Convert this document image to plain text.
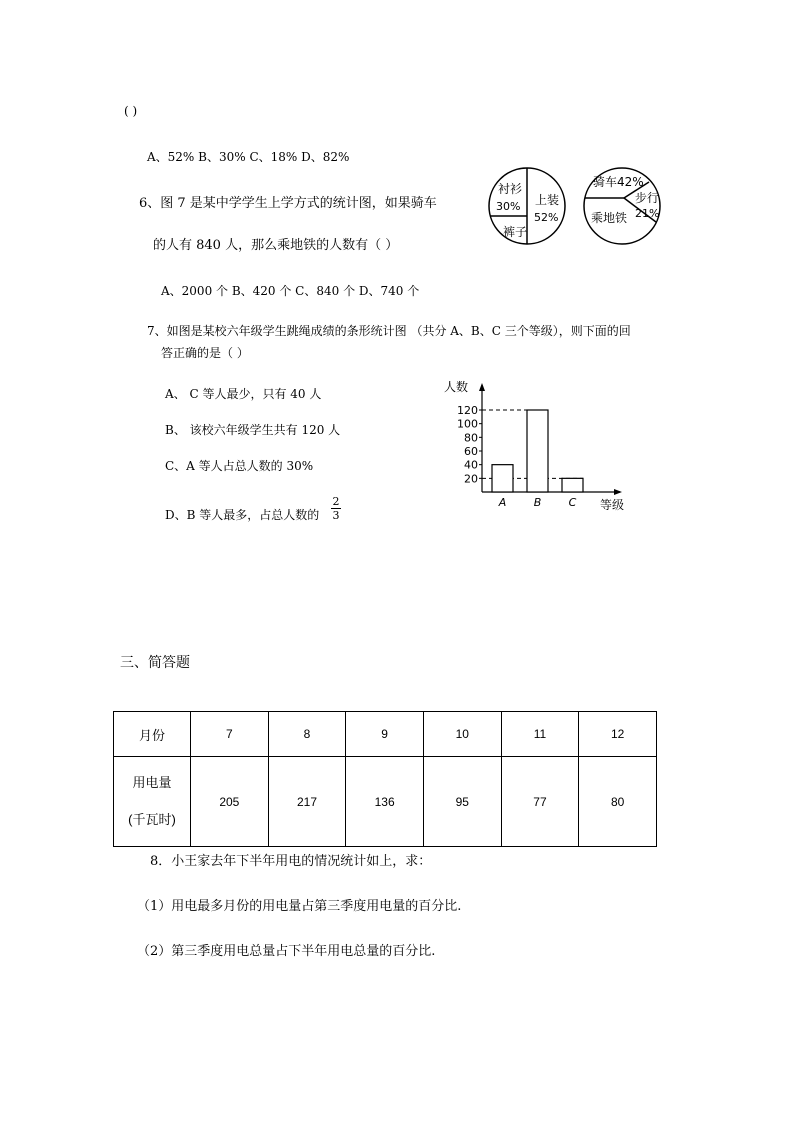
( )
A、52% B、30% C、18% D、82%
6、图 7 是某中学学生上学方式的统计图，如果骑车
的人有 840 人，那么乘地铁的人数有（ ）
A、2000 个 B、420 个 C、840 个 D、740 个
衬衫
30% 上装
52%
裤子
骑车42%
步行
21%
乘地铁
7、如图是某校六年级学生跳绳成绩的条形统计图 （共分 A、B、C 三个等级），则下面的回
答正确的是（ ）
A、 C 等人最少，只有 40 人
B、 该校六年级学生共有 120 人
C、A 等人占总人数的 30%
D、B 等人最多，占总人数的 $\frac{2}{3}$
20
40
60
80
100
120
A B C
人数
等级
三、简答题
月份	7	8	9	10	11	12

用电量
(千瓦时)	205	217	136	95	77	80
8．小王家去年下半年用电的情况统计如上，求：
（1）用电最多月份的用电量占第三季度用电量的百分比.
（2）第三季度用电总量占下半年用电总量的百分比.
